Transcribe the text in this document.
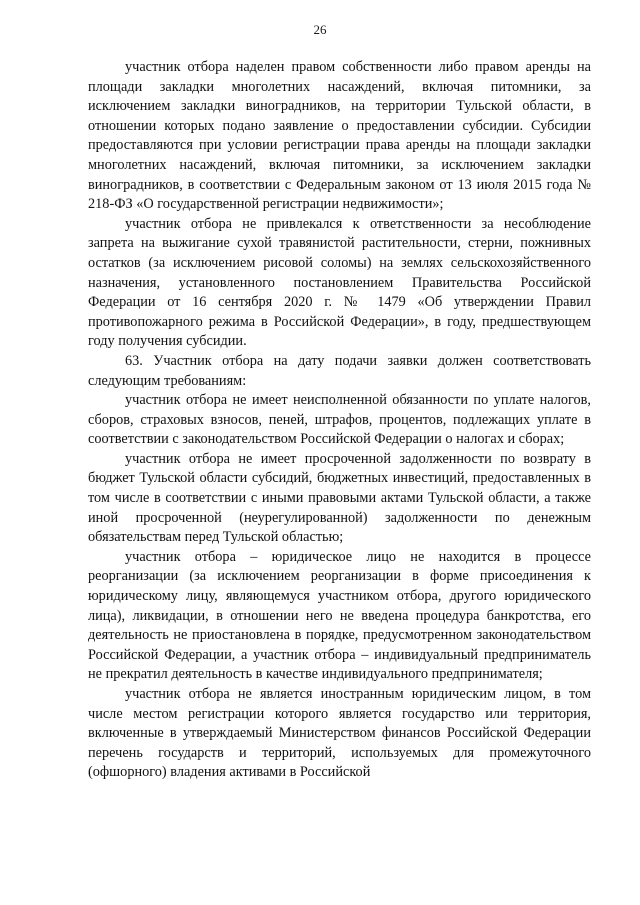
26

участник отбора наделен правом собственности либо правом аренды на площади закладки многолетних насаждений, включая питомники, за исключением закладки виноградников, на территории Тульской области, в отношении которых подано заявление о предоставлении субсидии. Субсидии предоставляются при условии регистрации права аренды на площади закладки многолетних насаждений, включая питомники, за исключением закладки виноградников, в соответствии с Федеральным законом от 13 июля 2015 года № 218-ФЗ «О государственной регистрации недвижимости»;

участник отбора не привлекался к ответственности за несоблюдение запрета на выжигание сухой травянистой растительности, стерни, пожнивных остатков (за исключением рисовой соломы) на землях сельскохозяйственного назначения, установленного постановлением Правительства Российской Федерации от 16 сентября 2020 г. № 1479 «Об утверждении Правил противопожарного режима в Российской Федерации», в году, предшествующем году получения субсидии.

63. Участник отбора на дату подачи заявки должен соответствовать следующим требованиям:

участник отбора не имеет неисполненной обязанности по уплате налогов, сборов, страховых взносов, пеней, штрафов, процентов, подлежащих уплате в соответствии с законодательством Российской Федерации о налогах и сборах;

участник отбора не имеет просроченной задолженности по возврату в бюджет Тульской области субсидий, бюджетных инвестиций, предоставленных в том числе в соответствии с иными правовыми актами Тульской области, а также иной просроченной (неурегулированной) задолженности по денежным обязательствам перед Тульской областью;

участник отбора – юридическое лицо не находится в процессе реорганизации (за исключением реорганизации в форме присоединения к юридическому лицу, являющемуся участником отбора, другого юридического лица), ликвидации, в отношении него не введена процедура банкротства, его деятельность не приостановлена в порядке, предусмотренном законодательством Российской Федерации, а участник отбора – индивидуальный предприниматель не прекратил деятельность в качестве индивидуального предпринимателя;

участник отбора не является иностранным юридическим лицом, в том числе местом регистрации которого является государство или территория, включенные в утверждаемый Министерством финансов Российской Федерации перечень государств и территорий, используемых для промежуточного (офшорного) владения активами в Российской
